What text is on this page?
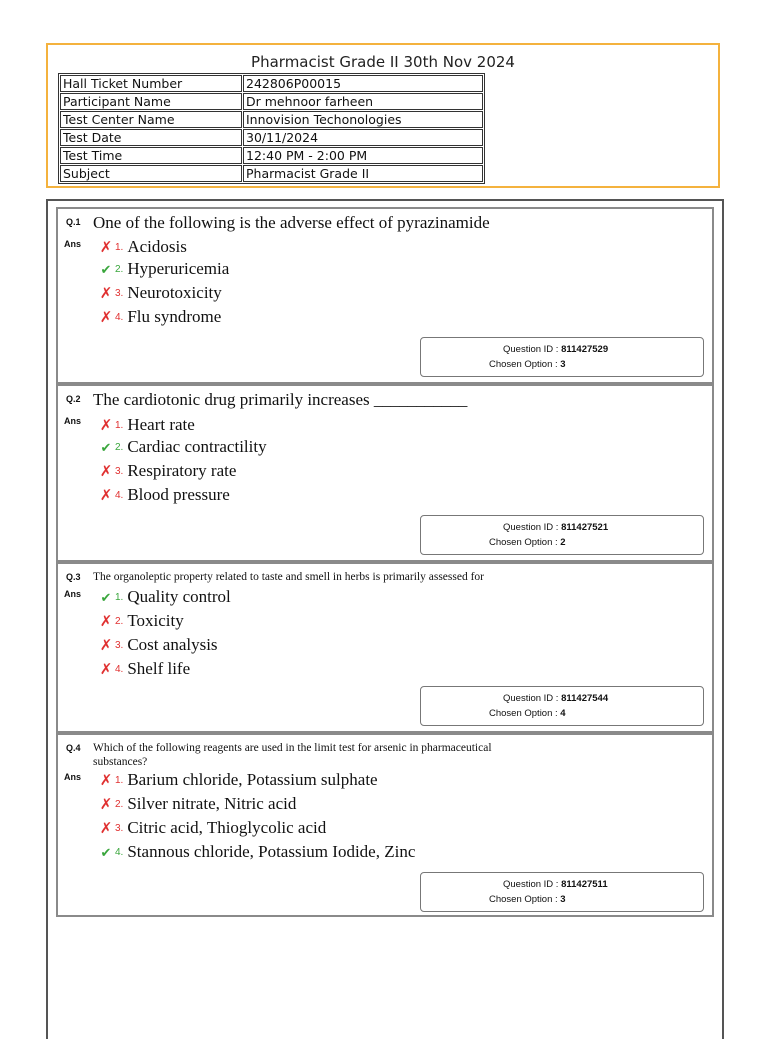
Pharmacist Grade II 30th Nov 2024
Hall Ticket Number	242806P00015
Participant Name	Dr mehnoor farheen
Test Center Name	Innovision Techonologies
Test Date	30/11/2024
Test Time	12:40 PM - 2:00 PM
Subject	Pharmacist Grade II
Q.1 One of the following is the adverse effect of pyrazinamide
Ans ✗ 1. Acidosis
✔ 2. Hyperuricemia
✗ 3. Neurotoxicity
✗ 4. Flu syndrome
Question ID : 811427529
Chosen Option : 3
Q.2 The cardiotonic drug primarily increases ___________
Ans ✗ 1. Heart rate
✔ 2. Cardiac contractility
✗ 3. Respiratory rate
✗ 4. Blood pressure
Question ID : 811427521
Chosen Option : 2
Q.3 The organoleptic property related to taste and smell in herbs is primarily assessed for
Ans ✔ 1. Quality control
✗ 2. Toxicity
✗ 3. Cost analysis
✗ 4. Shelf life
Question ID : 811427544
Chosen Option : 4
Q.4 Which of the following reagents are used in the limit test for arsenic in pharmaceutical substances?
Ans ✗ 1. Barium chloride, Potassium sulphate
✗ 2. Silver nitrate, Nitric acid
✗ 3. Citric acid, Thioglycolic acid
✔ 4. Stannous chloride, Potassium Iodide, Zinc
Question ID : 811427511
Chosen Option : 3
